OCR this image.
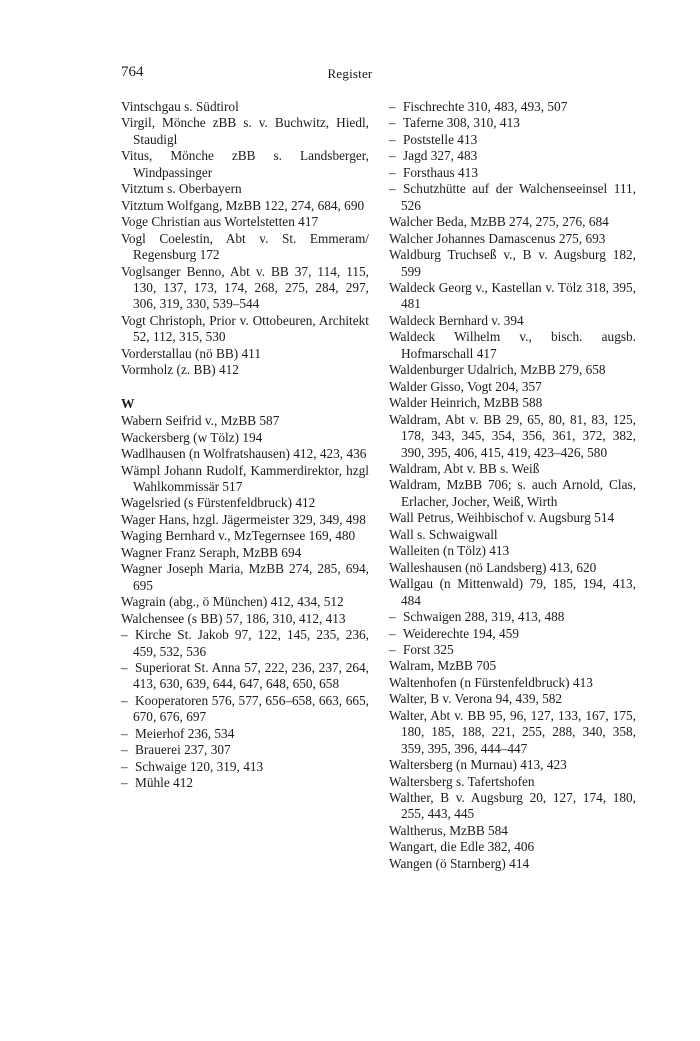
764	Register
Vintschgau s. Südtirol
Virgil, Mönche zBB s. v. Buchwitz, Hiedl, Staudigl
Vitus, Mönche zBB s. Landsberger, Windpassinger
Vitztum s. Oberbayern
Vitztum Wolfgang, MzBB 122, 274, 684, 690
Voge Christian aus Wortelstetten 417
Vogl Coelestin, Abt v. St. Emmeram/ Regensburg 172
Voglsanger Benno, Abt v. BB 37, 114, 115, 130, 137, 173, 174, 268, 275, 284, 297, 306, 319, 330, 539–544
Vogt Christoph, Prior v. Ottobeuren, Architekt 52, 112, 315, 530
Vorderstallau (nö BB) 411
Vormholz (z. BB) 412
W
Wabern Seifrid v., MzBB 587
Wackersberg (w Tölz) 194
Wadlhausen (n Wolfratshausen) 412, 423, 436
Wämpl Johann Rudolf, Kammerdirektor, hzgl Wahlkommissär 517
Wagelsried (s Fürstenfeldbruck) 412
Wager Hans, hzgl. Jägermeister 329, 349, 498
Waging Bernhard v., MzTegernsee 169, 480
Wagner Franz Seraph, MzBB 694
Wagner Joseph Maria, MzBB 274, 285, 694, 695
Wagrain (abg., ö München) 412, 434, 512
Walchensee (s BB) 57, 186, 310, 412, 413
– Kirche St. Jakob 97, 122, 145, 235, 236, 459, 532, 536
– Superiorat St. Anna 57, 222, 236, 237, 264, 413, 630, 639, 644, 647, 648, 650, 658
– Kooperatoren 576, 577, 656–658, 663, 665, 670, 676, 697
– Meierhof 236, 534
– Brauerei 237, 307
– Schwaige 120, 319, 413
– Mühle 412
– Fischrechte 310, 483, 493, 507
– Taferne 308, 310, 413
– Poststelle 413
– Jagd 327, 483
– Forsthaus 413
– Schutzhütte auf der Walchenseeinsel 111, 526
Walcher Beda, MzBB 274, 275, 276, 684
Walcher Johannes Damascenus 275, 693
Waldburg Truchseß v., B v. Augsburg 182, 599
Waldeck Georg v., Kastellan v. Tölz 318, 395, 481
Waldeck Bernhard v. 394
Waldeck Wilhelm v., bisch. augsb. Hofmarschall 417
Waldenburger Udalrich, MzBB 279, 658
Walder Gisso, Vogt 204, 357
Walder Heinrich, MzBB 588
Waldram, Abt v. BB 29, 65, 80, 81, 83, 125, 178, 343, 345, 354, 356, 361, 372, 382, 390, 395, 406, 415, 419, 423–426, 580
Waldram, Abt v. BB s. Weiß
Waldram, MzBB 706; s. auch Arnold, Clas, Erlacher, Jocher, Weiß, Wirth
Wall Petrus, Weihbischof v. Augsburg 514
Wall s. Schwaigwall
Walleiten (n Tölz) 413
Walleshausen (nö Landsberg) 413, 620
Wallgau (n Mittenwald) 79, 185, 194, 413, 484
– Schwaigen 288, 319, 413, 488
– Weiderechte 194, 459
– Forst 325
Walram, MzBB 705
Waltenhofen (n Fürstenfeldbruck) 413
Walter, B v. Verona 94, 439, 582
Walter, Abt v. BB 95, 96, 127, 133, 167, 175, 180, 185, 188, 221, 255, 288, 340, 358, 359, 395, 396, 444–447
Waltersberg (n Murnau) 413, 423
Waltersberg s. Tafertshofen
Walther, B v. Augsburg 20, 127, 174, 180, 255, 443, 445
Waltherus, MzBB 584
Wangart, die Edle 382, 406
Wangen (ö Starnberg) 414
